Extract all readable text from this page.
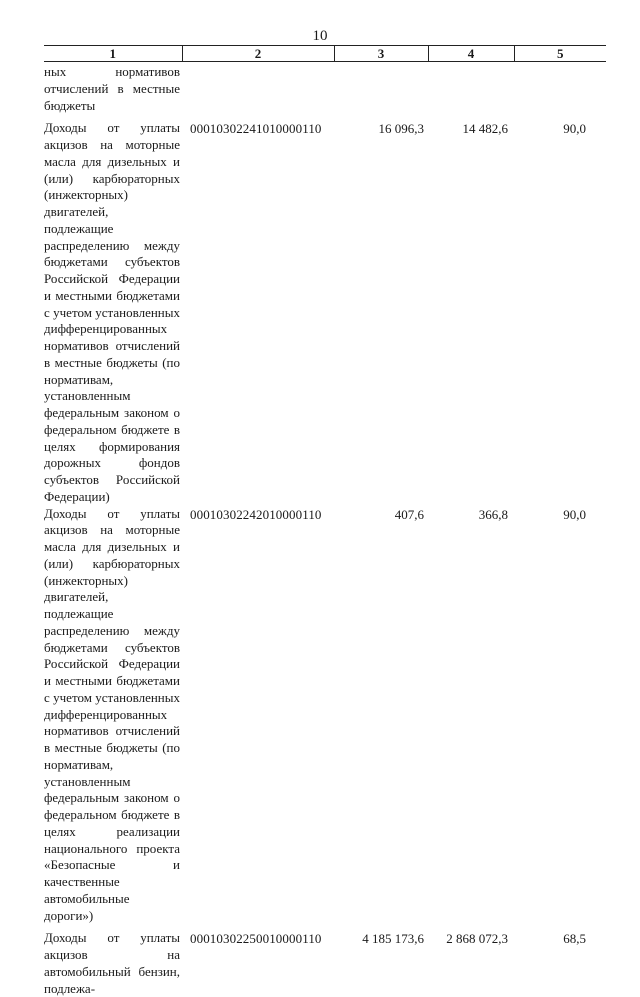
10
1	2	3	4	5
ных нормативов отчислений в местные бюджеты				

Доходы от уплаты акцизов на моторные масла для дизельных и (или) карбюраторных (инжекторных) двигателей, подлежащие распределению между бюджетами субъектов Российской Федерации и местными бюджетами с учетом установленных дифференцированных нормативов отчислений в местные бюджеты (по нормативам, установленным федеральным законом о федеральном бюджете в целях формирования дорожных фондов субъектов Российской Федерации)	00010302241010000110	16 096,3	14 482,6	90,0
Доходы от уплаты акцизов на моторные масла для дизельных и (или) карбюраторных (инжекторных) двигателей, подлежащие распределению между бюджетами субъектов Российской Федерации и местными бюджетами с учетом установленных дифференцированных нормативов отчислений в местные бюджеты (по нормативам, установленным федеральным законом о федеральном бюджете в целях реализации национального проекта «Безопасные и качественные автомобильные дороги»)	00010302242010000110	407,6	366,8	90,0

Доходы от уплаты акцизов на автомобильный бензин, подлежа-	00010302250010000110	4 185 173,6	2 868 072,3	68,5
